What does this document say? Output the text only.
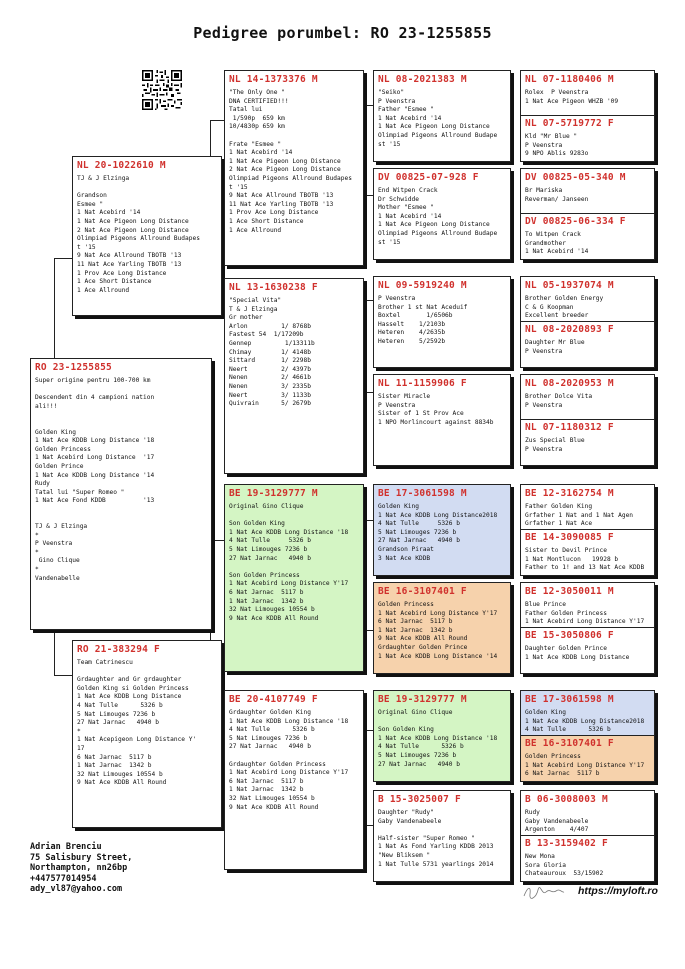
Pedigree porumbel: RO 23-1255855
RO 23-1255855
Super origine pentru 100-700 km

Descendent din 4 campioni nation
ali!!!

Golden King
1 Nat Ace KDDB Long Distance '18
Golden Princess
1 Nat Acebird Long Distance  '17
Golden Prince
1 Nat Ace KDDB Long Distance '14
Rudy
Tatal lui "Super Romeo "
1 Nat Ace Fond KDDB          '13

TJ & J Elzinga
*
P Veenstra
*
Gino Clique
*
Vandenabelle
NL 20-1022610 M
TJ & J Elzinga

Grandson
Esmee "
1 Nat Acebird '14
1 Nat Ace Pigeon Long Distance
2 Nat Ace Pigeon Long Distance
Olimpiad Pigeons Allround Budapes
t '15
9 Nat Ace Allround TBOTB '13
11 Nat Ace Yarling TBOTB '13
1 Prov Ace Long Distance
1 Ace Short Distance
1 Ace Allround
RO 21-383294 F
Team Catrinescu

Grdaughter and Gr grdaughter
Golden King si Golden Princess
1 Nat Ace KDDB Long Distance
4 Nat Tulle      5326 b
5 Nat Limouges 7236 b
27 Nat Jarnac   4940 b
*
1 Nat Acepigeon Long Distance Y'
17
6 Nat Jarnac  5117 b
1 Nat Jarnac  1342 b
32 Nat Limouges 10554 b
9 Nat Ace KDDB All Round
NL 14-1373376 M
"The Only One "
DNA CERTIFIED!!!
Tatal lui
1/590p  659 km
10/4830p 659 km

Frate "Esmee "
1 Nat Acebird '14
1 Nat Ace Pigeon Long Distance
2 Nat Ace Pigeon Long Distance
Olimpiad Pigeons Allround Budapes
t '15
9 Nat Ace Allround TBOTB '13
11 Nat Ace Yarling TBOTB '13
1 Prov Ace Long Distance
1 Ace Short Distance
1 Ace Allround
NL 13-1630238 F
"Special Vita"
T & J Elzinga
Gr mother
Arlon         1/ 8768b
Fastest 54  1/17209b
Gennep         1/13311b
Chimay        1/ 4148b
Sittard       1/ 2298b
Neert         2/ 4397b
Nenen         2/ 4661b
Nenen         3/ 2335b
Neert         3/ 1133b
Quivrain      5/ 2679b
BE 19-3129777 M
Original Gino Clique

Son Golden King
1 Nat Ace KDDB Long Distance '18
4 Nat Tulle     5326 b
5 Nat Limouges 7236 b
27 Nat Jarnac   4940 b

Son Golden Princess
1 Nat Acebird Long Distance Y'17
6 Nat Jarnac  5117 b
1 Nat Jarnac  1342 b
32 Nat Limouges 10554 b
9 Nat Ace KDDB All Round
BE 20-4107749 F
Grdaughter Golden King
1 Nat Ace KDDB Long Distance '18
4 Nat Tulle      5326 b
5 Nat Limouges 7236 b
27 Nat Jarnac   4940 b

Grdaughter Golden Princess
1 Nat Acebird Long Distance Y'17
6 Nat Jarnac  5117 b
1 Nat Jarnac  1342 b
32 Nat Limouges 10554 b
9 Nat Ace KDDB All Round
NL 08-2021383 M
"Seiko"
P Veenstra
Father "Esmee "
1 Nat Acebird '14
1 Nat Ace Pigeon Long Distance
Olimpiad Pigeons Allround Budape
st '15
DV 00825-07-928 F
End Witpen Crack
Dr Schwidde
Mother "Esmee "
1 Nat Acebird '14
1 Nat Ace Pigeon Long Distance
Olimpiad Pigeons Allround Budape
st '15
NL 09-5919240 M
P Veenstra
Brother 1 st Nat Aceduif
Boxtel       1/6506b
Hasselt    1/2103b
Heteren    4/2635b
Heteren    5/2592b
NL 11-1159906 F
Sister Miracle
P Veenstra
Sister of 1 St Prov Ace
1 NPO Morlincourt against 8834b
BE 17-3061598 M
Golden King
1 Nat Ace KDDB Long Distance2018
4 Nat Tulle     5326 b
5 Nat Limouges 7236 b
27 Nat Jarnac   4940 b
Grandson Piraat
3 Nat Ace KDDB
BE 16-3107401 F
Golden Princess
1 Nat Acebird Long Distance Y'17
6 Nat Jarnac  5117 b
1 Nat Jarnac  1342 b
9 Nat Ace KDDB All Round
Grdaughter Golden Prince
1 Nat Ace KDDB Long Distance '14
BE 19-3129777 M
Original Gino Clique

Son Golden King
1 Nat Ace KDDB Long Distance '18
4 Nat Tulle      5326 b
5 Nat Limouges 7236 b
27 Nat Jarnac   4940 b
B 15-3025007 F
Daughter "Rudy"
Gaby Vandenabeele

Half-sister "Super Romeo "
1 Nat As Fond Yarling KDDB 2013
"New Bliksem "
1 Nat Tulle 5731 yearlings 2014
NL 07-1180406 M
Rolex  P Veenstra
1 Nat Ace Pigeon WHZB '09
NL 07-5719772 F
Kld "Mr Blue "
P Veenstra
9 NPO Ablis 9283o
DV 00825-05-340 M
Br Mariska
Reverman/ Janseen
DV 00825-06-334 F
To Witpen Crack
Grandmother
1 Nat Acebird '14
NL 05-1937074 M
Brother Golden Energy
C & G Koopman
Excellent breeder
NL 08-2020893 F
Daughter Mr Blue
P Veenstra
NL 08-2020953 M
Brother Dolce Vita
P Veenstra
NL 07-1180312 F
Zus Special Blue
P Veenstra
BE 12-3162754 M
Father Golden King
Grfather 1 Nat and 1 Nat Agen
Grfather 1 Nat Ace
BE 14-3090085 F
Sister to Devil Prince
1 Nat Montlucon   19928 b
Father to 1! and 13 Nat Ace KDDB
BE 12-3050011 M
Blue Prince
Father Golden Princess
1 Nat Acebird Long Distance Y'17
BE 15-3050806 F
Daughter Golden Prince
1 Nat Ace KDDB Long Distance
BE 17-3061598 M
Golden King
1 Nat Ace KDDB Long Distance2018
4 Nat Tulle      5326 b
BE 16-3107401 F
Golden Princess
1 Nat Acebird Long Distance Y'17
6 Nat Jarnac  5117 b
B 06-3008003 M
Rudy
Gaby Vandenabeele
Argenton    4/407
B 13-3159402 F
New Mona
Sora Gloria
Chateauroux  53/15902
Adrian Brenciu
75 Salisbury Street,
Northampton, nn26bp
+447577014954
ady_vl87@yahoo.com	https://myloft.ro
